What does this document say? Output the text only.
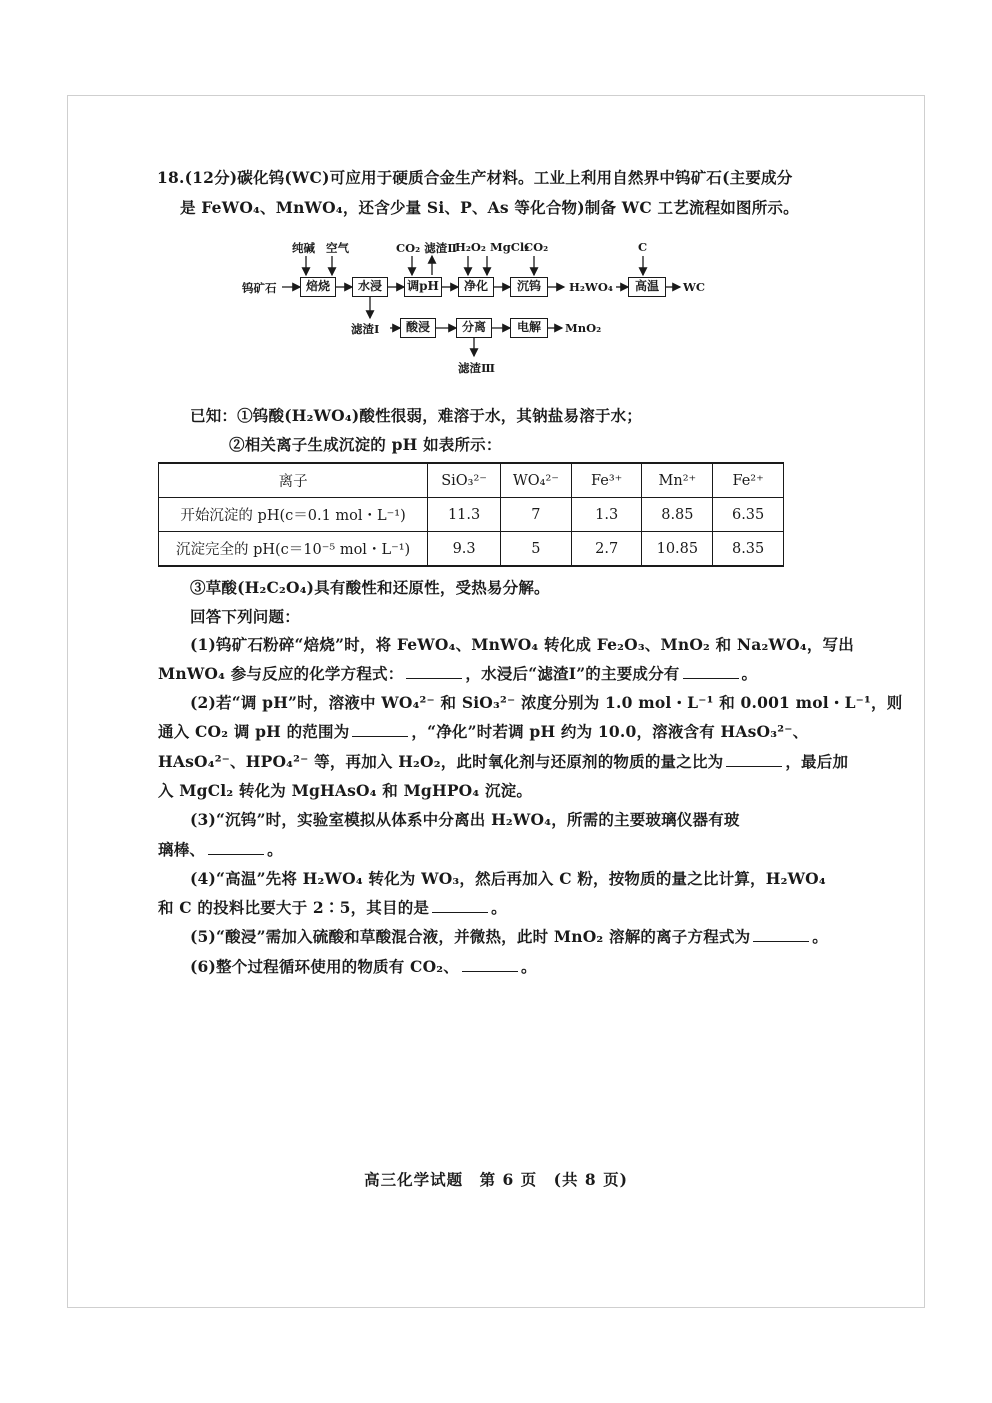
18.(12分)碳化钨(WC)可应用于硬质合金生产材料。工业上利用自然界中钨矿石(主要成分
是 FeWO₄、MnWO₄，还含少量 Si、P、As 等化合物)制备 WC 工艺流程如图所示。
钨矿石
纯碱 空气
焙烧	水浸	调pH	净化	沉钨	高温
CO₂ 滤渣Ⅱ
H₂O₂ MgCl₂
CO₂
H₂WO₄
C
WC
滤渣Ⅰ	酸浸	分离	电解	MnO₂
滤渣Ⅲ
已知：①钨酸(H₂WO₄)酸性很弱，难溶于水，其钠盐易溶于水；
②相关离子生成沉淀的 pH 如表所示：
离子	SiO₃²⁻	WO₄²⁻	Fe³⁺	Mn²⁺	Fe²⁺
开始沉淀的 pH(c＝0.1 mol・L⁻¹)	11.3	7	1.3	8.85	6.35
沉淀完全的 pH(c＝10⁻⁵ mol・L⁻¹)	9.3	5	2.7	10.85	8.35
③草酸(H₂C₂O₄)具有酸性和还原性，受热易分解。
回答下列问题：
(1)钨矿石粉碎“焙烧”时，将 FeWO₄、MnWO₄ 转化成 Fe₂O₃、MnO₂ 和 Na₂WO₄，写出
MnWO₄ 参与反应的化学方程式：	，水浸后“滤渣Ⅰ”的主要成分有	。
(2)若“调 pH”时，溶液中 WO₄²⁻ 和 SiO₃²⁻ 浓度分别为 1.0 mol・L⁻¹ 和 0.001 mol・L⁻¹，则
通入 CO₂ 调 pH 的范围为	，“净化”时若调 pH 约为 10.0，溶液含有 HAsO₃²⁻、
HAsO₄²⁻、HPO₄²⁻ 等，再加入 H₂O₂，此时氧化剂与还原剂的物质的量之比为	，最后加
入 MgCl₂ 转化为 MgHAsO₄ 和 MgHPO₄ 沉淀。
(3)“沉钨”时，实验室模拟从体系中分离出 H₂WO₄，所需的主要玻璃仪器有玻
璃棒、	。
(4)“高温”先将 H₂WO₄ 转化为 WO₃，然后再加入 C 粉，按物质的量之比计算，H₂WO₄
和 C 的投料比要大于 2∶5，其目的是	。
(5)“酸浸”需加入硫酸和草酸混合液，并微热，此时 MnO₂ 溶解的离子方程式为	。
(6)整个过程循环使用的物质有 CO₂、	。
高三化学试题　第 6 页　(共 8 页)
